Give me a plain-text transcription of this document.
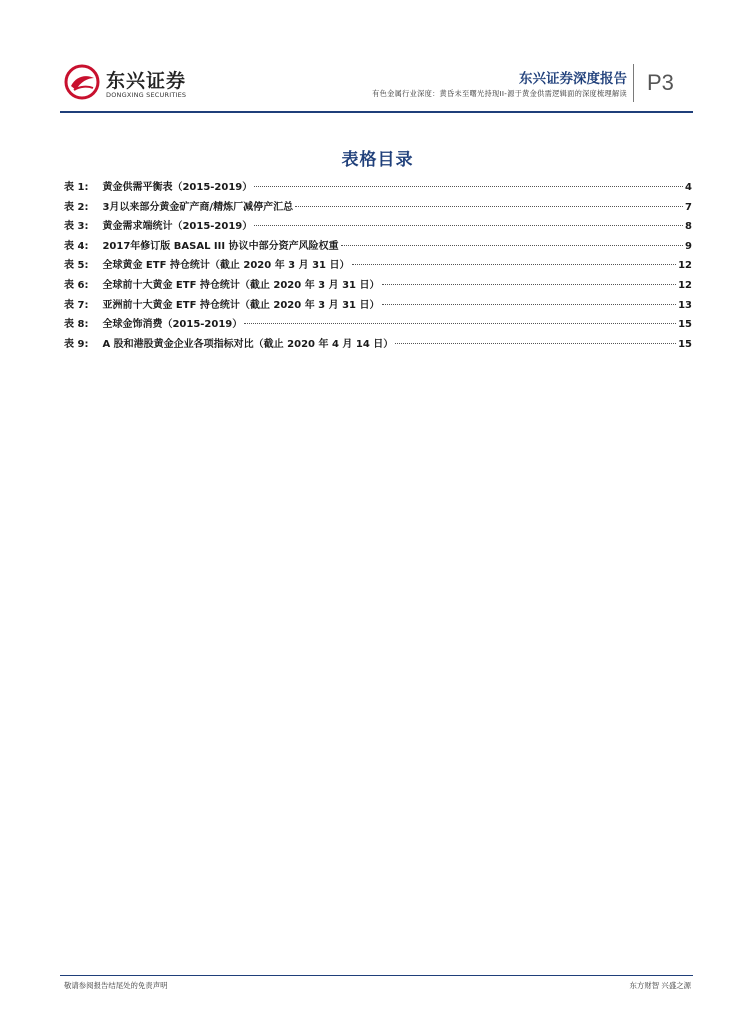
东兴证券
DONGXING SECURITIES
东兴证券深度报告
有色金属行业深度：黄昏未至曙光持现II-源于黄金供需逻辑面的深度梳理解读 P3
表格目录
表 1: 黄金供需平衡表（2015-2019）	4
表 2: 3月以来部分黄金矿产商/精炼厂减停产汇总	7
表 3: 黄金需求端统计（2015-2019）	8
表 4: 2017年修订版 BASAL III 协议中部分资产风险权重	9
表 5: 全球黄金 ETF 持仓统计（截止 2020 年 3 月 31 日）	12
表 6: 全球前十大黄金 ETF 持仓统计（截止 2020 年 3 月 31 日）	12
表 7: 亚洲前十大黄金 ETF 持仓统计（截止 2020 年 3 月 31 日）	13
表 8: 全球金饰消费（2015-2019）	15
表 9: A 股和港股黄金企业各项指标对比（截止 2020 年 4 月 14 日）	15
敬请参阅报告结尾处的免责声明	东方财智 兴盛之源
